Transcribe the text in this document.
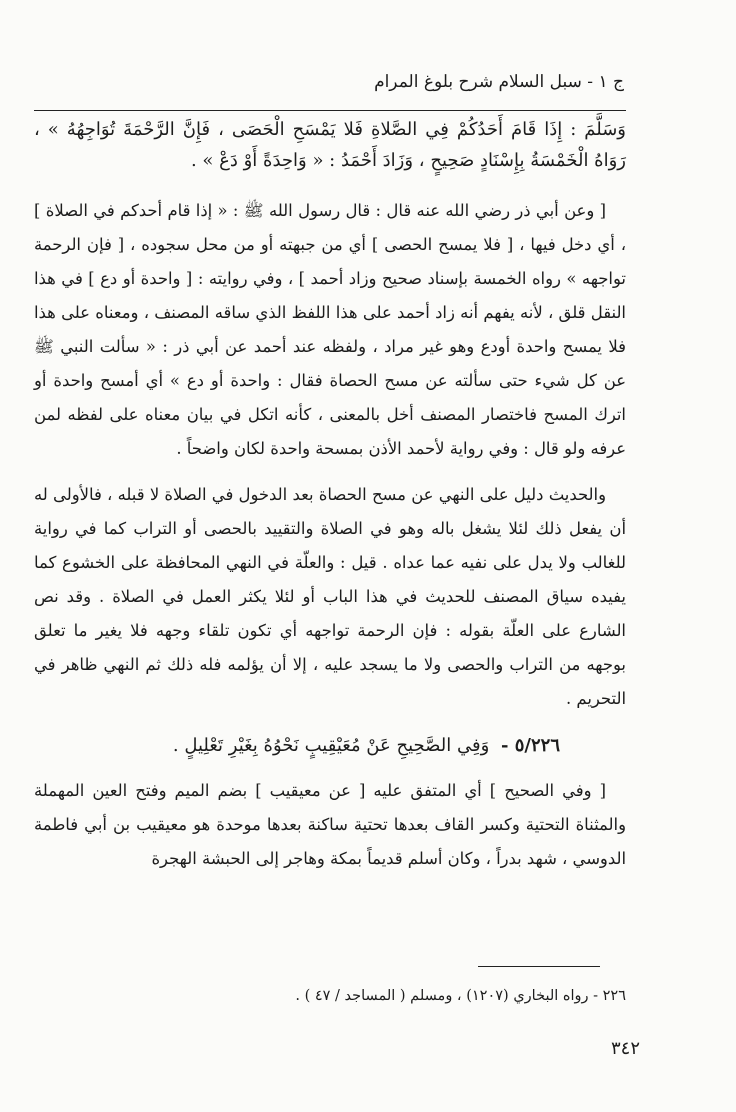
ج ١ - سبل السلام شرح بلوغ المرام

وَسَلَّمَ : إِذَا قَامَ أَحَدُكُمْ فِي الصَّلاةِ فَلا يَمْسَحِ الْحَصَى ، فَإِنَّ الرَّحْمَةَ تُوَاجِهُهُ » ، رَوَاهُ الْخَمْسَةُ بِإِسْنَادٍ صَحِيحٍ ، وَزَادَ أَحْمَدُ : « وَاحِدَةً أَوْ دَعْ » .

[ وعن أبي ذر رضي الله عنه قال : قال رسول الله ﷺ : « إذا قام أحدكم في الصلاة ] ، أي دخل فيها ، [ فلا يمسح الحصى ] أي من جبهته أو من محل سجوده ، [ فإن الرحمة تواجهه » رواه الخمسة بإسناد صحيح وزاد أحمد ] ، وفي روايته : [ واحدة أو دع ] في هذا النقل قلق ، لأنه يفهم أنه زاد أحمد على هذا اللفظ الذي ساقه المصنف ، ومعناه على هذا فلا يمسح واحدة أودع وهو غير مراد ، ولفظه عند أحمد عن أبي ذر : « سألت النبي ﷺ عن كل شيء حتى سألته عن مسح الحصاة فقال : واحدة أو دع » أي أمسح واحدة أو اترك المسح فاختصار المصنف أخل بالمعنى ، كأنه اتكل في بيان معناه على لفظه لمن عرفه ولو قال : وفي رواية لأحمد الأذن بمسحة واحدة لكان واضحاً .

والحديث دليل على النهي عن مسح الحصاة بعد الدخول في الصلاة لا قبله ، فالأولى له أن يفعل ذلك لئلا يشغل باله وهو في الصلاة والتقييد بالحصى أو التراب كما في رواية للغالب ولا يدل على نفيه عما عداه . قيل : والعلّة في النهي المحافظة على الخشوع كما يفيده سياق المصنف للحديث في هذا الباب أو لئلا يكثر العمل في الصلاة . وقد نص الشارع على العلّة بقوله : فإن الرحمة تواجهه أي تكون تلقاء وجهه فلا يغير ما تعلق بوجهه من التراب والحصى ولا ما يسجد عليه ، إلا أن يؤلمه فله ذلك ثم النهي ظاهر في التحريم .

٥/٢٢٦ - وَفِي الصَّحِيحِ عَنْ مُعَيْقِيبٍ نَحْوُهُ بِغَيْرِ تَعْلِيلٍ .

[ وفي الصحيح ] أي المتفق عليه [ عن معيقيب ] بضم الميم وفتح العين المهملة والمثناة التحتية وكسر القاف بعدها تحتية ساكنة بعدها موحدة هو معيقيب بن أبي فاطمة الدوسي ، شهد بدراً ، وكان أسلم قديماً بمكة وهاجر إلى الحبشة الهجرة

٢٢٦ - رواه البخاري (١٢٠٧) ، ومسلم ( المساجد / ٤٧ ) .
٣٤٢
